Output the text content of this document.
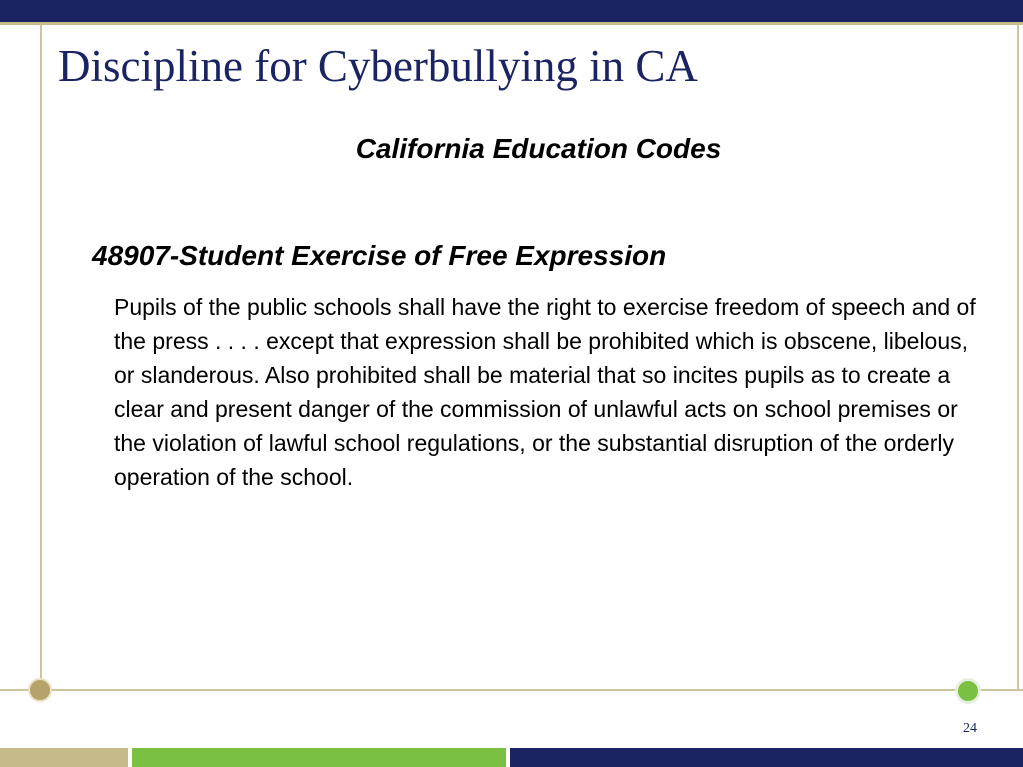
Discipline for Cyberbullying in CA
California Education Codes
48907-Student Exercise of Free Expression

Pupils of the public schools shall have the right to exercise freedom of speech and of the press . . . . except that expression shall be prohibited which is obscene, libelous, or slanderous. Also prohibited shall be material that so incites pupils as to create a clear and present danger of the commission of unlawful acts on school premises or the violation of lawful school regulations, or the substantial disruption of the orderly operation of the school.

24
